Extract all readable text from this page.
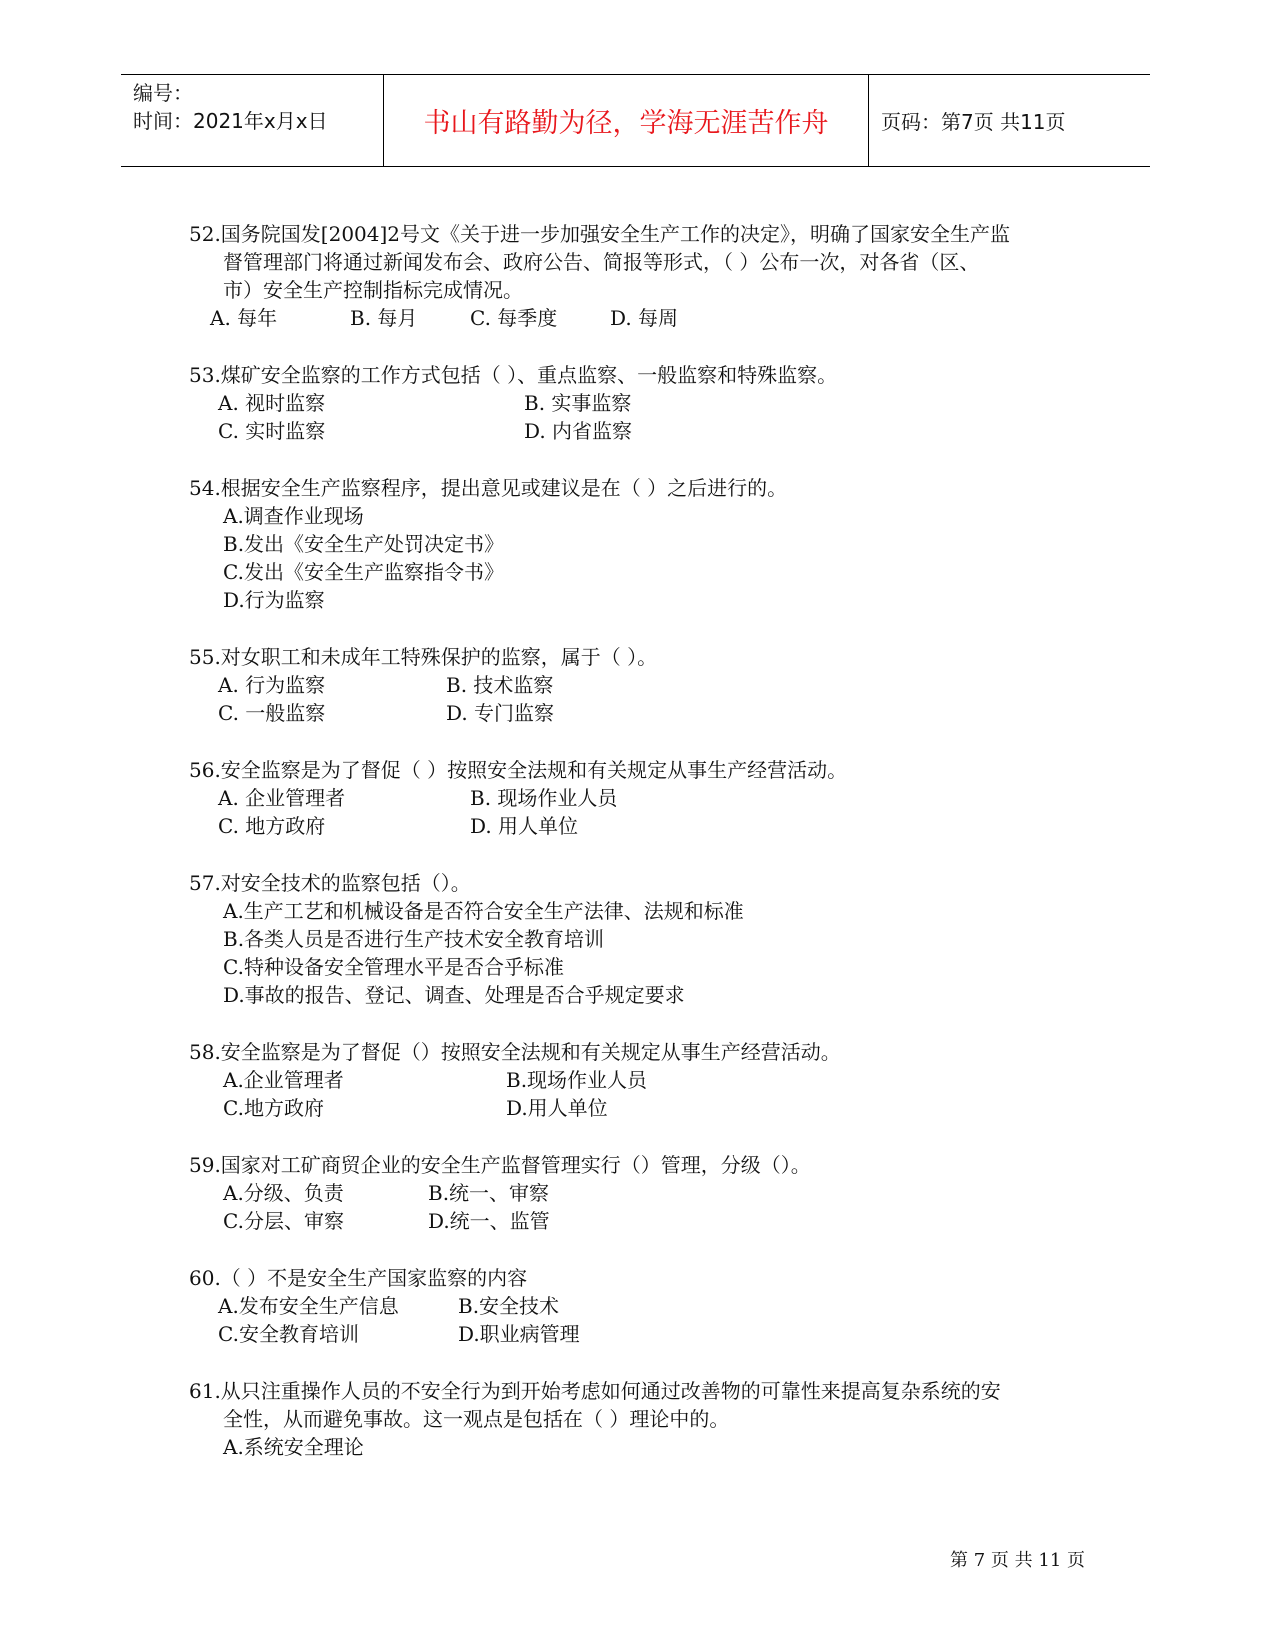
编号：
时间：2021年x月x日	书山有路勤为径，学海无涯苦作舟	页码：第7页 共11页
52.国务院国发[2004]2号文《关于进一步加强安全生产工作的决定》，明确了国家安全生产监
督管理部门将通过新闻发布会、政府公告、简报等形式，（ ）公布一次，对各省（区、
市）安全生产控制指标完成情况。
A. 每年	B. 每月	C. 每季度	D. 每周
53.煤矿安全监察的工作方式包括（ ）、重点监察、一般监察和特殊监察。
A. 视时监察	B. 实事监察
C. 实时监察	D. 内省监察
54.根据安全生产监察程序，提出意见或建议是在（ ）之后进行的。
A.调查作业现场
B.发出《安全生产处罚决定书》
C.发出《安全生产监察指令书》
D.行为监察
55.对女职工和未成年工特殊保护的监察，属于（ ）。
A. 行为监察	B. 技术监察
C. 一般监察	D. 专门监察
56.安全监察是为了督促（ ）按照安全法规和有关规定从事生产经营活动。
A. 企业管理者	B. 现场作业人员
C. 地方政府	D. 用人单位
57.对安全技术的监察包括（）。
A.生产工艺和机械设备是否符合安全生产法律、法规和标准
B.各类人员是否进行生产技术安全教育培训
C.特种设备安全管理水平是否合乎标准
D.事故的报告、登记、调查、处理是否合乎规定要求
58.安全监察是为了督促（）按照安全法规和有关规定从事生产经营活动。
A.企业管理者	B.现场作业人员
C.地方政府	D.用人单位
59.国家对工矿商贸企业的安全生产监督管理实行（）管理，分级（）。
A.分级、负责	B.统一、审察
C.分层、审察	D.统一、监管
60.（ ）不是安全生产国家监察的内容
A.发布安全生产信息	B.安全技术
C.安全教育培训	D.职业病管理
61.从只注重操作人员的不安全行为到开始考虑如何通过改善物的可靠性来提高复杂系统的安
全性，从而避免事故。这一观点是包括在（ ）理论中的。
A.系统安全理论
第 7 页 共 11 页
